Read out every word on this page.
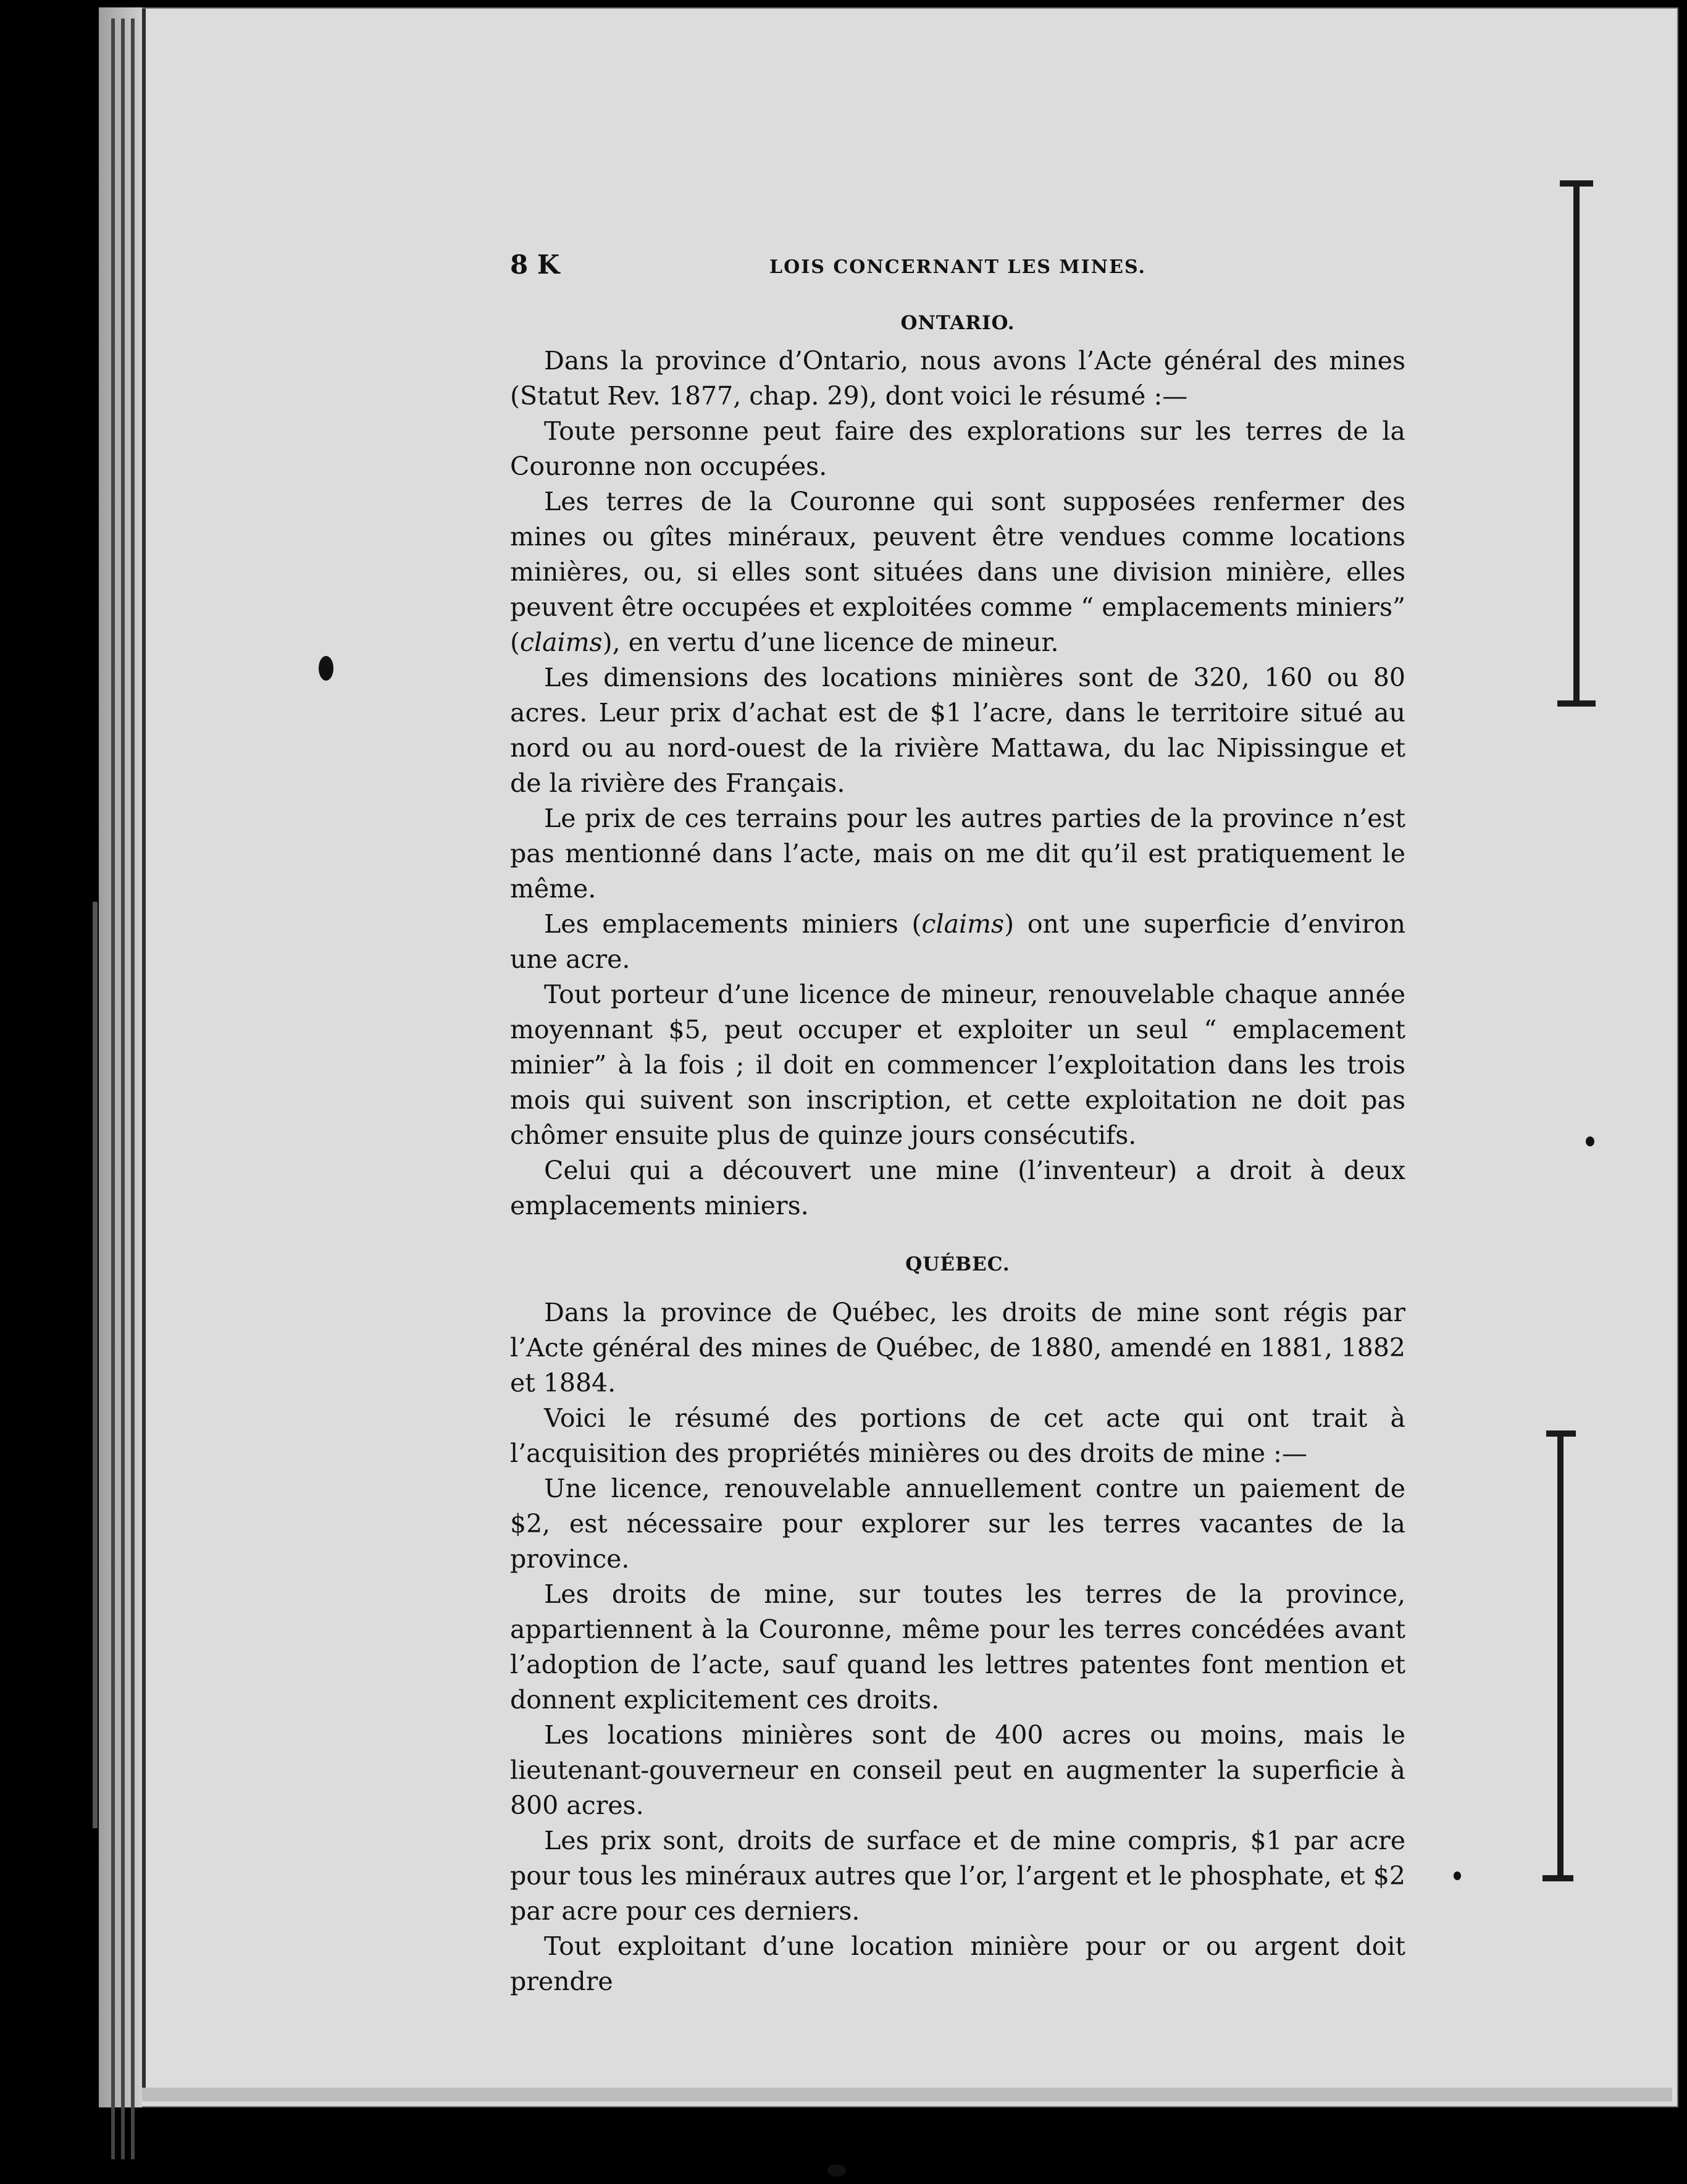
8 K	LOIS CONCERNANT LES MINES.
ONTARIO.

Dans la province d’Ontario, nous avons l’Acte général des mines (Statut Rev. 1877, chap. 29), dont voici le résumé :—

Toute personne peut faire des explorations sur les terres de la Couronne non occupées.

Les terres de la Couronne qui sont supposées renfermer des mines ou gîtes minéraux, peuvent être vendues comme locations minières, ou, si elles sont situées dans une division minière, elles peuvent être occupées et exploitées comme “ emplacements miniers” (claims), en vertu d’une licence de mineur.

Les dimensions des locations minières sont de 320, 160 ou 80 acres. Leur prix d’achat est de $1 l’acre, dans le territoire situé au nord ou au nord-ouest de la rivière Mattawa, du lac Nipissingue et de la rivière des Français.

Le prix de ces terrains pour les autres parties de la province n’est pas mentionné dans l’acte, mais on me dit qu’il est pratiquement le même.

Les emplacements miniers (claims) ont une superficie d’environ une acre.

Tout porteur d’une licence de mineur, renouvelable chaque année moyennant $5, peut occuper et exploiter un seul “ emplacement minier” à la fois ; il doit en commencer l’exploitation dans les trois mois qui suivent son inscription, et cette exploitation ne doit pas chômer ensuite plus de quinze jours consécutifs.

Celui qui a découvert une mine (l’inventeur) a droit à deux emplacements miniers.

QUÉBEC.

Dans la province de Québec, les droits de mine sont régis par l’Acte général des mines de Québec, de 1880, amendé en 1881, 1882 et 1884.

Voici le résumé des portions de cet acte qui ont trait à l’acquisition des propriétés minières ou des droits de mine :—

Une licence, renouvelable annuellement contre un paiement de $2, est nécessaire pour explorer sur les terres vacantes de la province.

Les droits de mine, sur toutes les terres de la province, appartiennent à la Couronne, même pour les terres concédées avant l’adoption de l’acte, sauf quand les lettres patentes font mention et donnent explicitement ces droits.

Les locations minières sont de 400 acres ou moins, mais le lieutenant-gouverneur en conseil peut en augmenter la superficie à 800 acres.

Les prix sont, droits de surface et de mine compris, $1 par acre pour tous les minéraux autres que l’or, l’argent et le phosphate, et $2 par acre pour ces derniers.

Tout exploitant d’une location minière pour or ou argent doit prendre
